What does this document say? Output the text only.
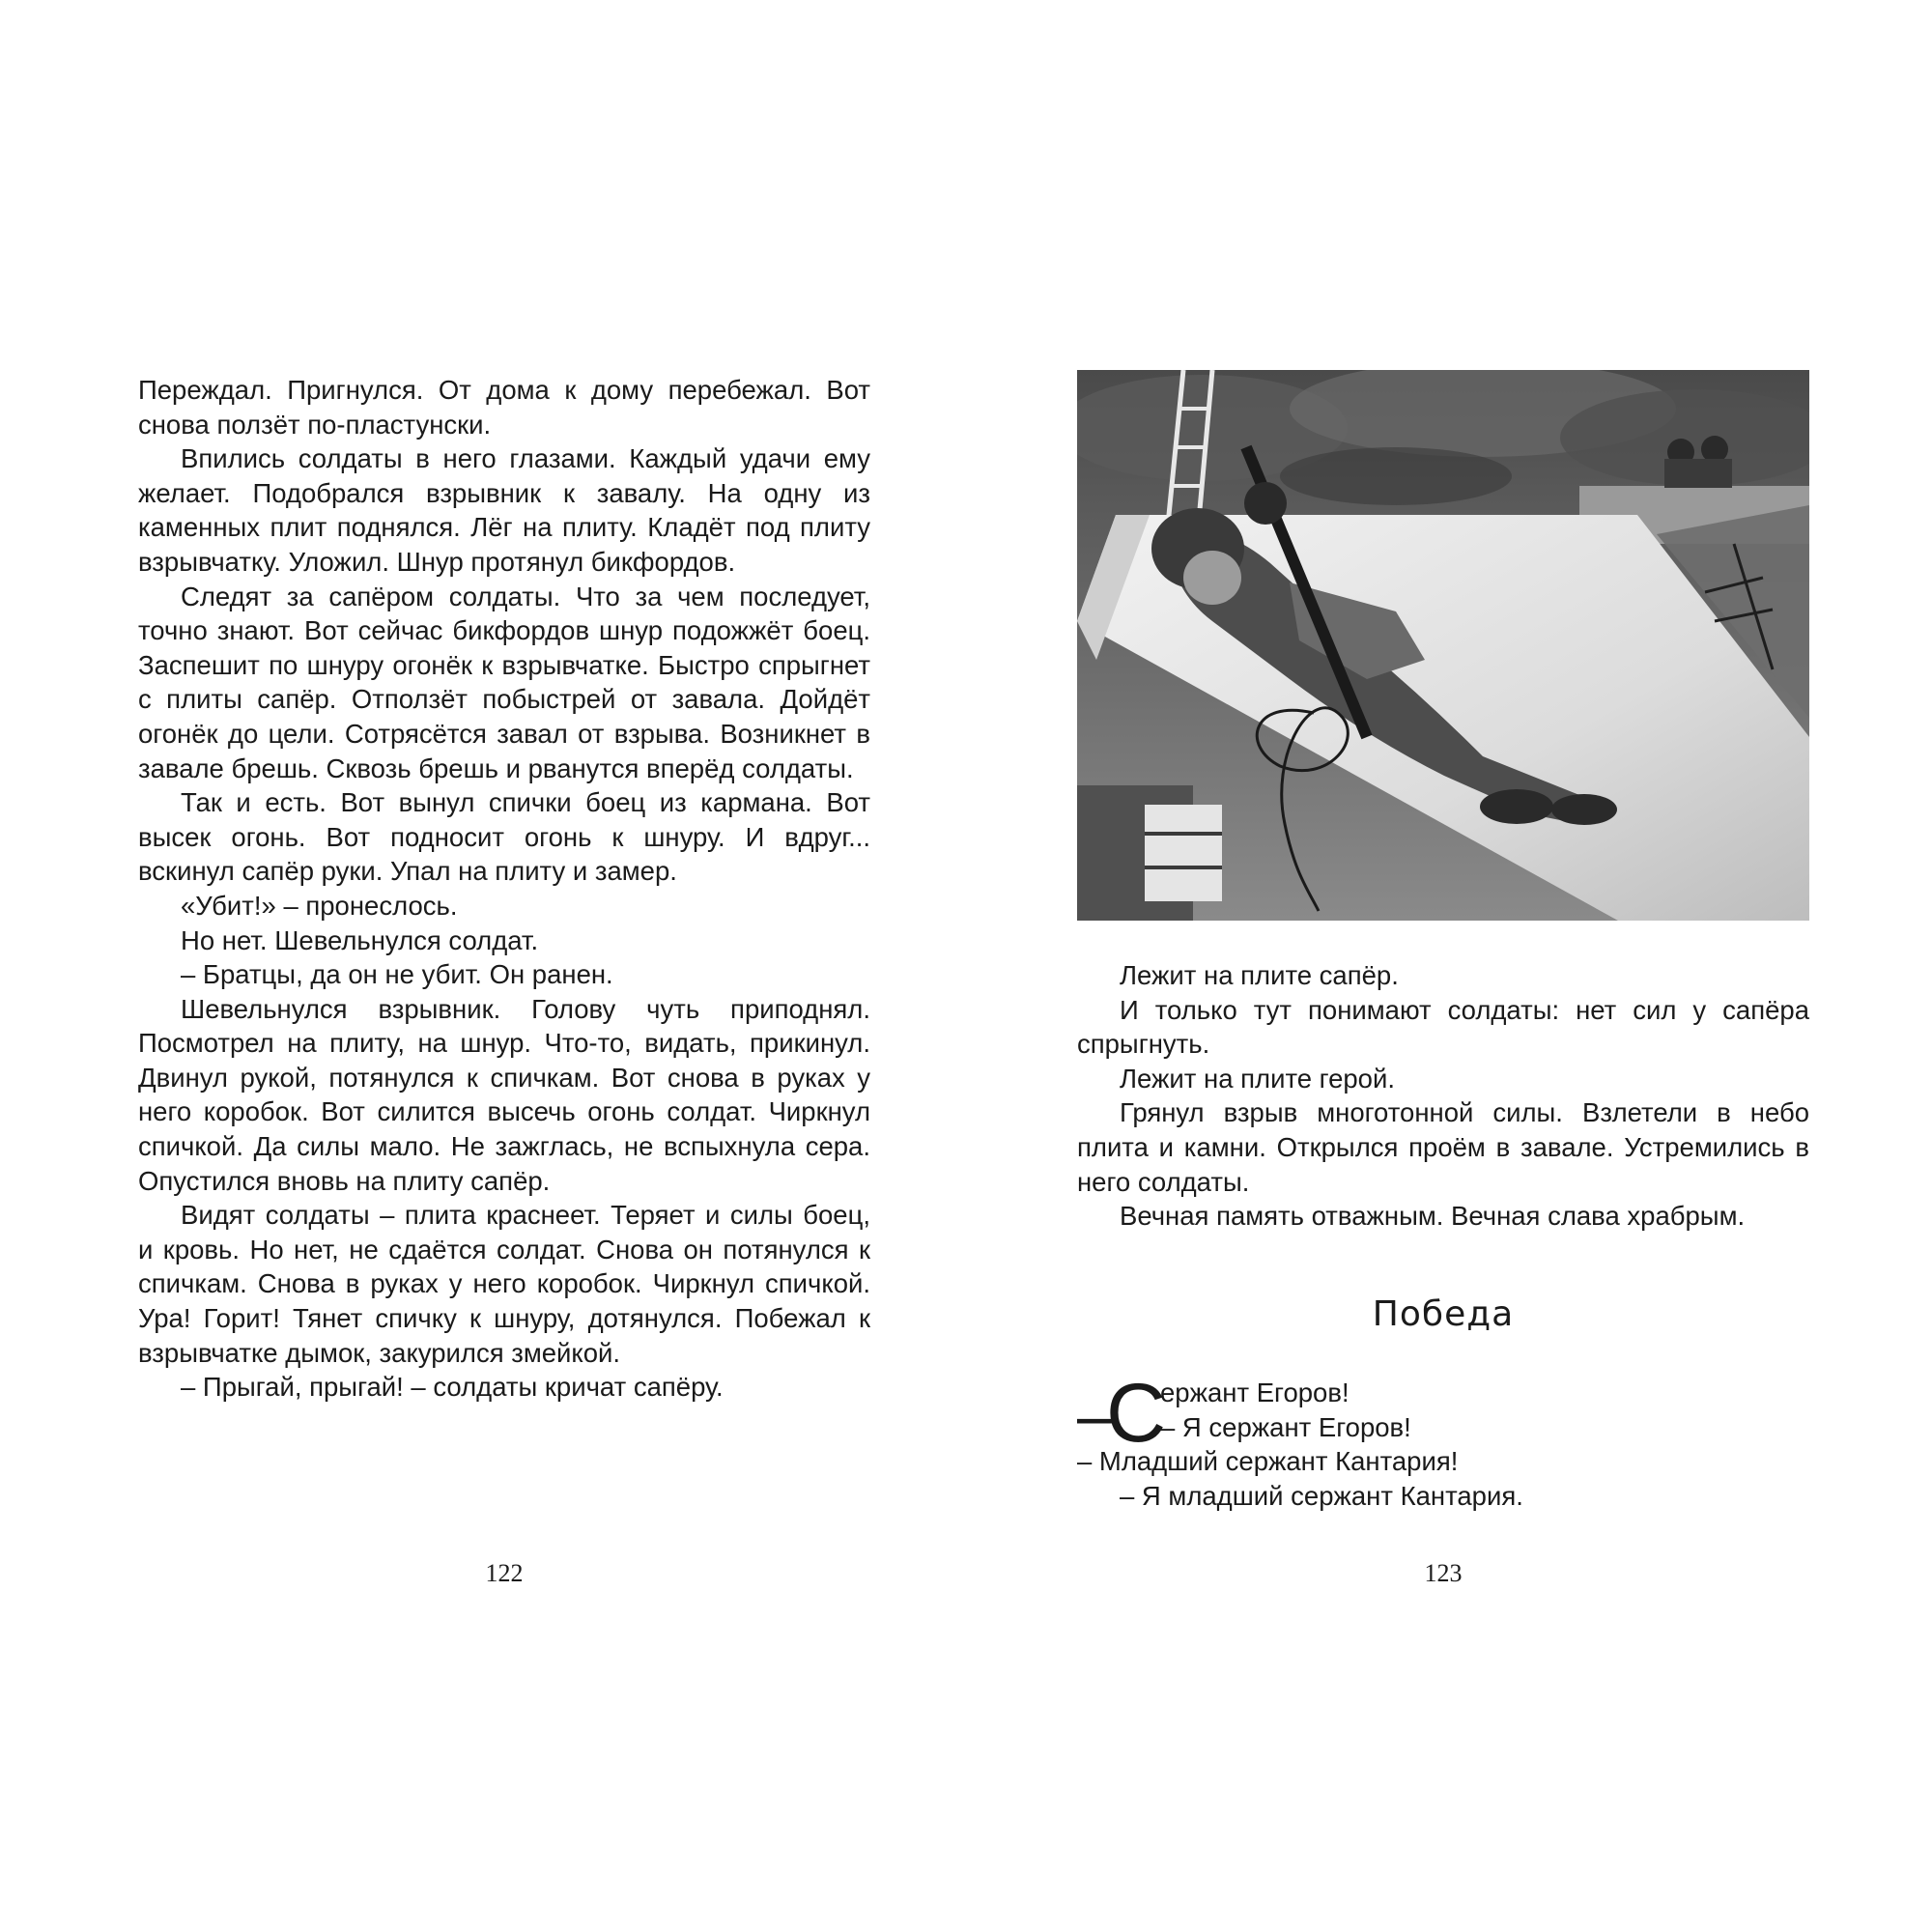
Переждал. Пригнулся. От дома к дому перебежал. Вот снова ползёт по-пластунски.

Впились солдаты в него глазами. Каждый удачи ему желает. Подобрался взрывник к завалу. На одну из каменных плит поднялся. Лёг на плиту. Кладёт под плиту взрывчатку. Уложил. Шнур протянул бикфордов.

Следят за сапёром солдаты. Что за чем последует, точно знают. Вот сейчас бикфордов шнур подожжёт боец. Заспешит по шнуру огонёк к взрывчатке. Быстро спрыгнет с плиты сапёр. Отползёт побыстрей от завала. Дойдёт огонёк до цели. Сотрясётся завал от взрыва. Возникнет в завале брешь. Сквозь брешь и рванутся вперёд солдаты.

Так и есть. Вот вынул спички боец из кармана. Вот высек огонь. Вот подносит огонь к шнуру. И вдруг... вскинул сапёр руки. Упал на плиту и замер.

«Убит!» – пронеслось.

Но нет. Шевельнулся солдат.

– Братцы, да он не убит. Он ранен.

Шевельнулся взрывник. Голову чуть приподнял. Посмотрел на плиту, на шнур. Что-то, видать, прикинул. Двинул рукой, потянулся к спичкам. Вот снова в руках у него коробок. Вот силится высечь огонь солдат. Чиркнул спичкой. Да силы мало. Не зажглась, не вспыхнула сера. Опустился вновь на плиту сапёр.

Видят солдаты – плита краснеет. Теряет и силы боец, и кровь. Но нет, не сдаётся солдат. Снова он потянулся к спичкам. Снова в руках у него коробок. Чиркнул спичкой. Ура! Горит! Тянет спичку к шнуру, дотянулся. Побежал к взрывчатке дымок, закурился змейкой.

– Прыгай, прыгай! – солдаты кричат сапёру.

122

Лежит на плите сапёр.

И только тут понимают солдаты: нет сил у сапёра спрыгнуть.

Лежит на плите герой.

Грянул взрыв многотонной силы. Взлетели в небо плита и камни. Открылся проём в завале. Устремились в него солдаты.

Вечная память отважным. Вечная слава храбрым.

Победа
–
С
ержант Егоров!
– Я сержант Егоров!
– Младший сержант Кантария!
– Я младший сержант Кантария.
123
